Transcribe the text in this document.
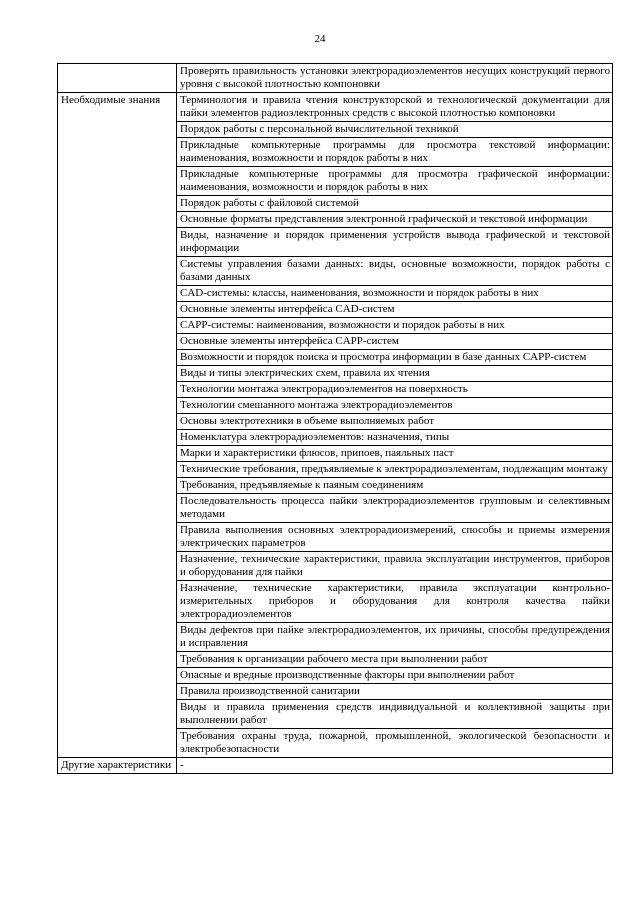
24
	Проверять правильность установки электрорадиоэлементов несущих конструкций первого уровня с высокой плотностью компоновки
Необходимые знания	Терминология и правила чтения конструкторской и технологической документации для пайки элементов радиоэлектронных средств с высокой плотностью компоновки
	Порядок работы с персональной вычислительной техникой
	Прикладные компьютерные программы для просмотра текстовой информации: наименования, возможности и порядок работы в них
	Прикладные компьютерные программы для просмотра графической информации: наименования, возможности и порядок работы в них
	Порядок работы с файловой системой
	Основные форматы представления электронной графической и текстовой информации
	Виды, назначение и порядок применения устройств вывода графической и текстовой информации
	Системы управления базами данных: виды, основные возможности, порядок работы с базами данных
	CAD-системы: классы, наименования, возможности и порядок работы в них
	Основные элементы интерфейса CAD-систем
	CAPP-системы: наименования, возможности и порядок работы в них
	Основные элементы интерфейса CAPP-систем
	Возможности и порядок поиска и просмотра информации в базе данных CAPP-систем
	Виды и типы электрических схем, правила их чтения
	Технологии монтажа электрорадиоэлементов на поверхность
	Технологии смешанного монтажа электрорадиоэлементов
	Основы электротехники в объеме выполняемых работ
	Номенклатура электрорадиоэлементов: назначения, типы
	Марки и характеристики флюсов, припоев, паяльных паст
	Технические требования, предъявляемые к электрорадиоэлементам, подлежащим монтажу
	Требования, предъявляемые к паяным соединениям
	Последовательность процесса пайки электрорадиоэлементов групповым и селективным методами
	Правила выполнения основных электрорадиоизмерений, способы и приемы измерения электрических параметров
	Назначение, технические характеристики, правила эксплуатации инструментов, приборов и оборудования для пайки
	Назначение, технические характеристики, правила эксплуатации контрольно-измерительных приборов и оборудования для контроля качества пайки электрорадиоэлементов
	Виды дефектов при пайке электрорадиоэлементов, их причины, способы предупреждения и исправления
	Требования к организации рабочего места при выполнении работ
	Опасные и вредные производственные факторы при выполнении работ
	Правила производственной санитарии
	Виды и правила применения средств индивидуальной и коллективной защиты при выполнении работ
	Требования охраны труда, пожарной, промышленной, экологической безопасности и электробезопасности
Другие характеристики	-
